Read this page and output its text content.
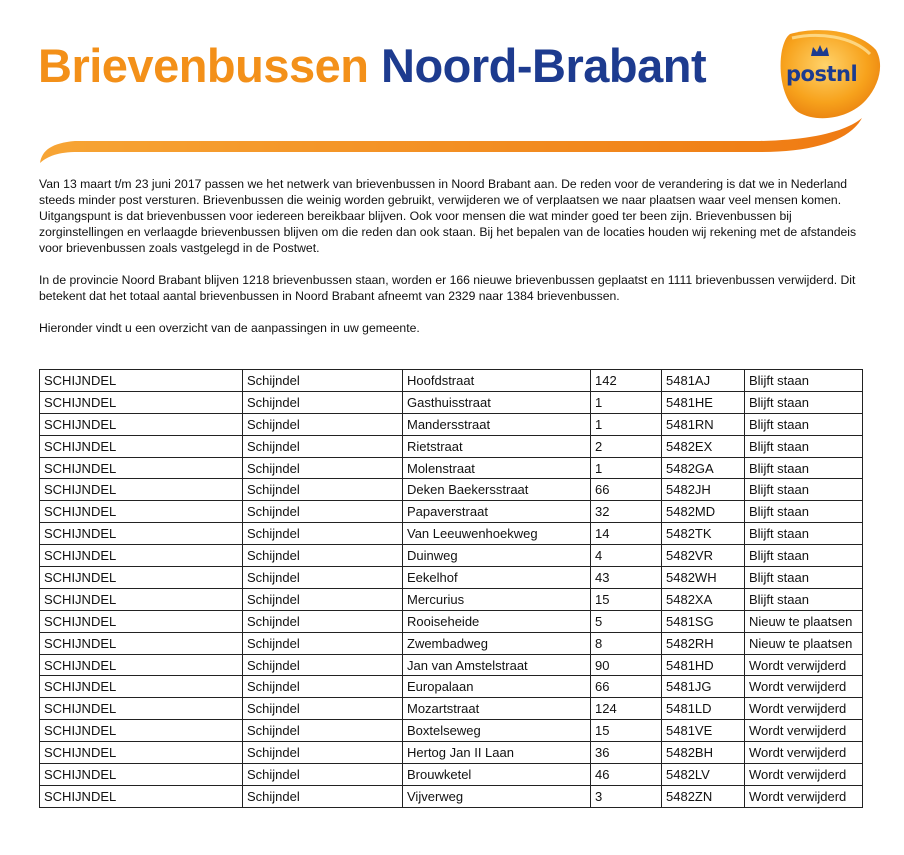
Brievenbussen Noord-Brabant	postnl

Van 13 maart t/m 23 juni 2017 passen we het netwerk van brievenbussen in Noord Brabant aan. De reden voor de verandering is dat we in Nederland steeds minder post versturen. Brievenbussen die weinig worden gebruikt, verwijderen we of verplaatsen we naar plaatsen waar veel mensen komen. Uitgangspunt is dat brievenbussen voor iedereen bereikbaar blijven. Ook voor mensen die wat minder goed ter been zijn. Brievenbussen bij zorginstellingen en verlaagde brievenbussen blijven om die reden dan ook staan. Bij het bepalen van de locaties houden wij rekening met de afstandeis voor brievenbussen zoals vastgelegd in de Postwet.

In de provincie Noord Brabant blijven 1218 brievenbussen staan, worden er 166 nieuwe brievenbussen geplaatst en 1111 brievenbussen verwijderd. Dit betekent dat het totaal aantal brievenbussen in Noord Brabant afneemt van 2329 naar 1384 brievenbussen.

Hieronder vindt u een overzicht van de aanpassingen in uw gemeente.

SCHIJNDEL	Schijndel	Hoofdstraat	142	5481AJ	Blijft staan
SCHIJNDEL	Schijndel	Gasthuisstraat	1	5481HE	Blijft staan
SCHIJNDEL	Schijndel	Mandersstraat	1	5481RN	Blijft staan
SCHIJNDEL	Schijndel	Rietstraat	2	5482EX	Blijft staan
SCHIJNDEL	Schijndel	Molenstraat	1	5482GA	Blijft staan
SCHIJNDEL	Schijndel	Deken Baekersstraat	66	5482JH	Blijft staan
SCHIJNDEL	Schijndel	Papaverstraat	32	5482MD	Blijft staan
SCHIJNDEL	Schijndel	Van Leeuwenhoekweg	14	5482TK	Blijft staan
SCHIJNDEL	Schijndel	Duinweg	4	5482VR	Blijft staan
SCHIJNDEL	Schijndel	Eekelhof	43	5482WH	Blijft staan
SCHIJNDEL	Schijndel	Mercurius	15	5482XA	Blijft staan
SCHIJNDEL	Schijndel	Rooiseheide	5	5481SG	Nieuw te plaatsen
SCHIJNDEL	Schijndel	Zwembadweg	8	5482RH	Nieuw te plaatsen
SCHIJNDEL	Schijndel	Jan van Amstelstraat	90	5481HD	Wordt verwijderd
SCHIJNDEL	Schijndel	Europalaan	66	5481JG	Wordt verwijderd
SCHIJNDEL	Schijndel	Mozartstraat	124	5481LD	Wordt verwijderd
SCHIJNDEL	Schijndel	Boxtelseweg	15	5481VE	Wordt verwijderd
SCHIJNDEL	Schijndel	Hertog Jan II Laan	36	5482BH	Wordt verwijderd
SCHIJNDEL	Schijndel	Brouwketel	46	5482LV	Wordt verwijderd
SCHIJNDEL	Schijndel	Vijverweg	3	5482ZN	Wordt verwijderd
